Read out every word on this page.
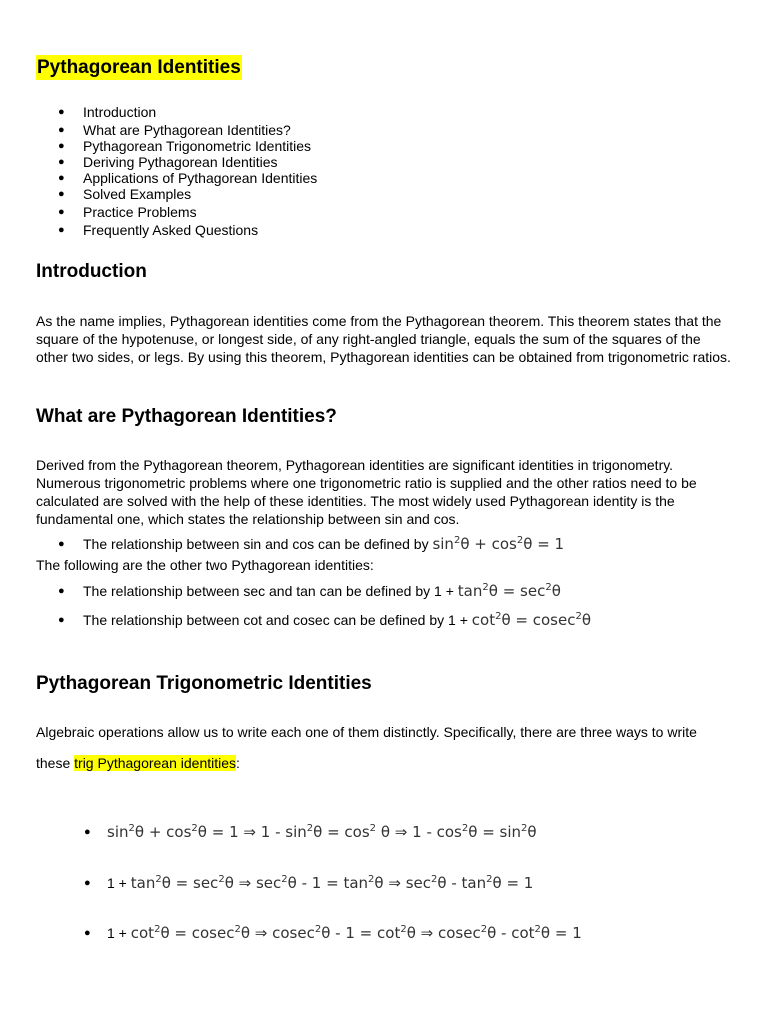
Pythagorean Identities
● Introduction
● What are Pythagorean Identities?
● Pythagorean Trigonometric Identities
● Deriving Pythagorean Identities
● Applications of Pythagorean Identities
● Solved Examples
● Practice Problems
● Frequently Asked Questions
Introduction
As the name implies, Pythagorean identities come from the Pythagorean theorem. This theorem states that the square of the hypotenuse, or longest side, of any right-angled triangle, equals the sum of the squares of the other two sides, or legs. By using this theorem, Pythagorean identities can be obtained from trigonometric ratios.
What are Pythagorean Identities?
Derived from the Pythagorean theorem, Pythagorean identities are significant identities in trigonometry. Numerous trigonometric problems where one trigonometric ratio is supplied and the other ratios need to be calculated are solved with the help of these identities. The most widely used Pythagorean identity is the fundamental one, which states the relationship between sin and cos.
● The relationship between sin and cos can be defined by $\sin^2\theta + \cos^2\theta = 1$
The following are the other two Pythagorean identities:
● The relationship between sec and tan can be defined by $1 + \tan^2\theta = \sec^2\theta$
● The relationship between cot and cosec can be defined by $1 + \cot^2\theta = cosec^2\theta$
Pythagorean Trigonometric Identities
Algebraic operations allow us to write each one of them distinctly. Specifically, there are three ways to write
these trig Pythagorean identities:
● $\sin^2\theta + \cos^2\theta = 1$ ⇒ $1 - \sin^2\theta = \cos^2 \theta$ ⇒ $1 - \cos^2\theta = \sin^2\theta$
● $1 + \tan^2\theta = \sec^2\theta$ ⇒ $\sec^2\theta - 1 = \tan^2\theta$ ⇒ $\sec^2\theta - \tan^2\theta = 1$
● $1 + \cot^2\theta = cosec^2\theta$ ⇒ $cosec^2\theta - 1 = \cot^2\theta$ ⇒ $cosec^2\theta - \cot^2\theta = 1$
